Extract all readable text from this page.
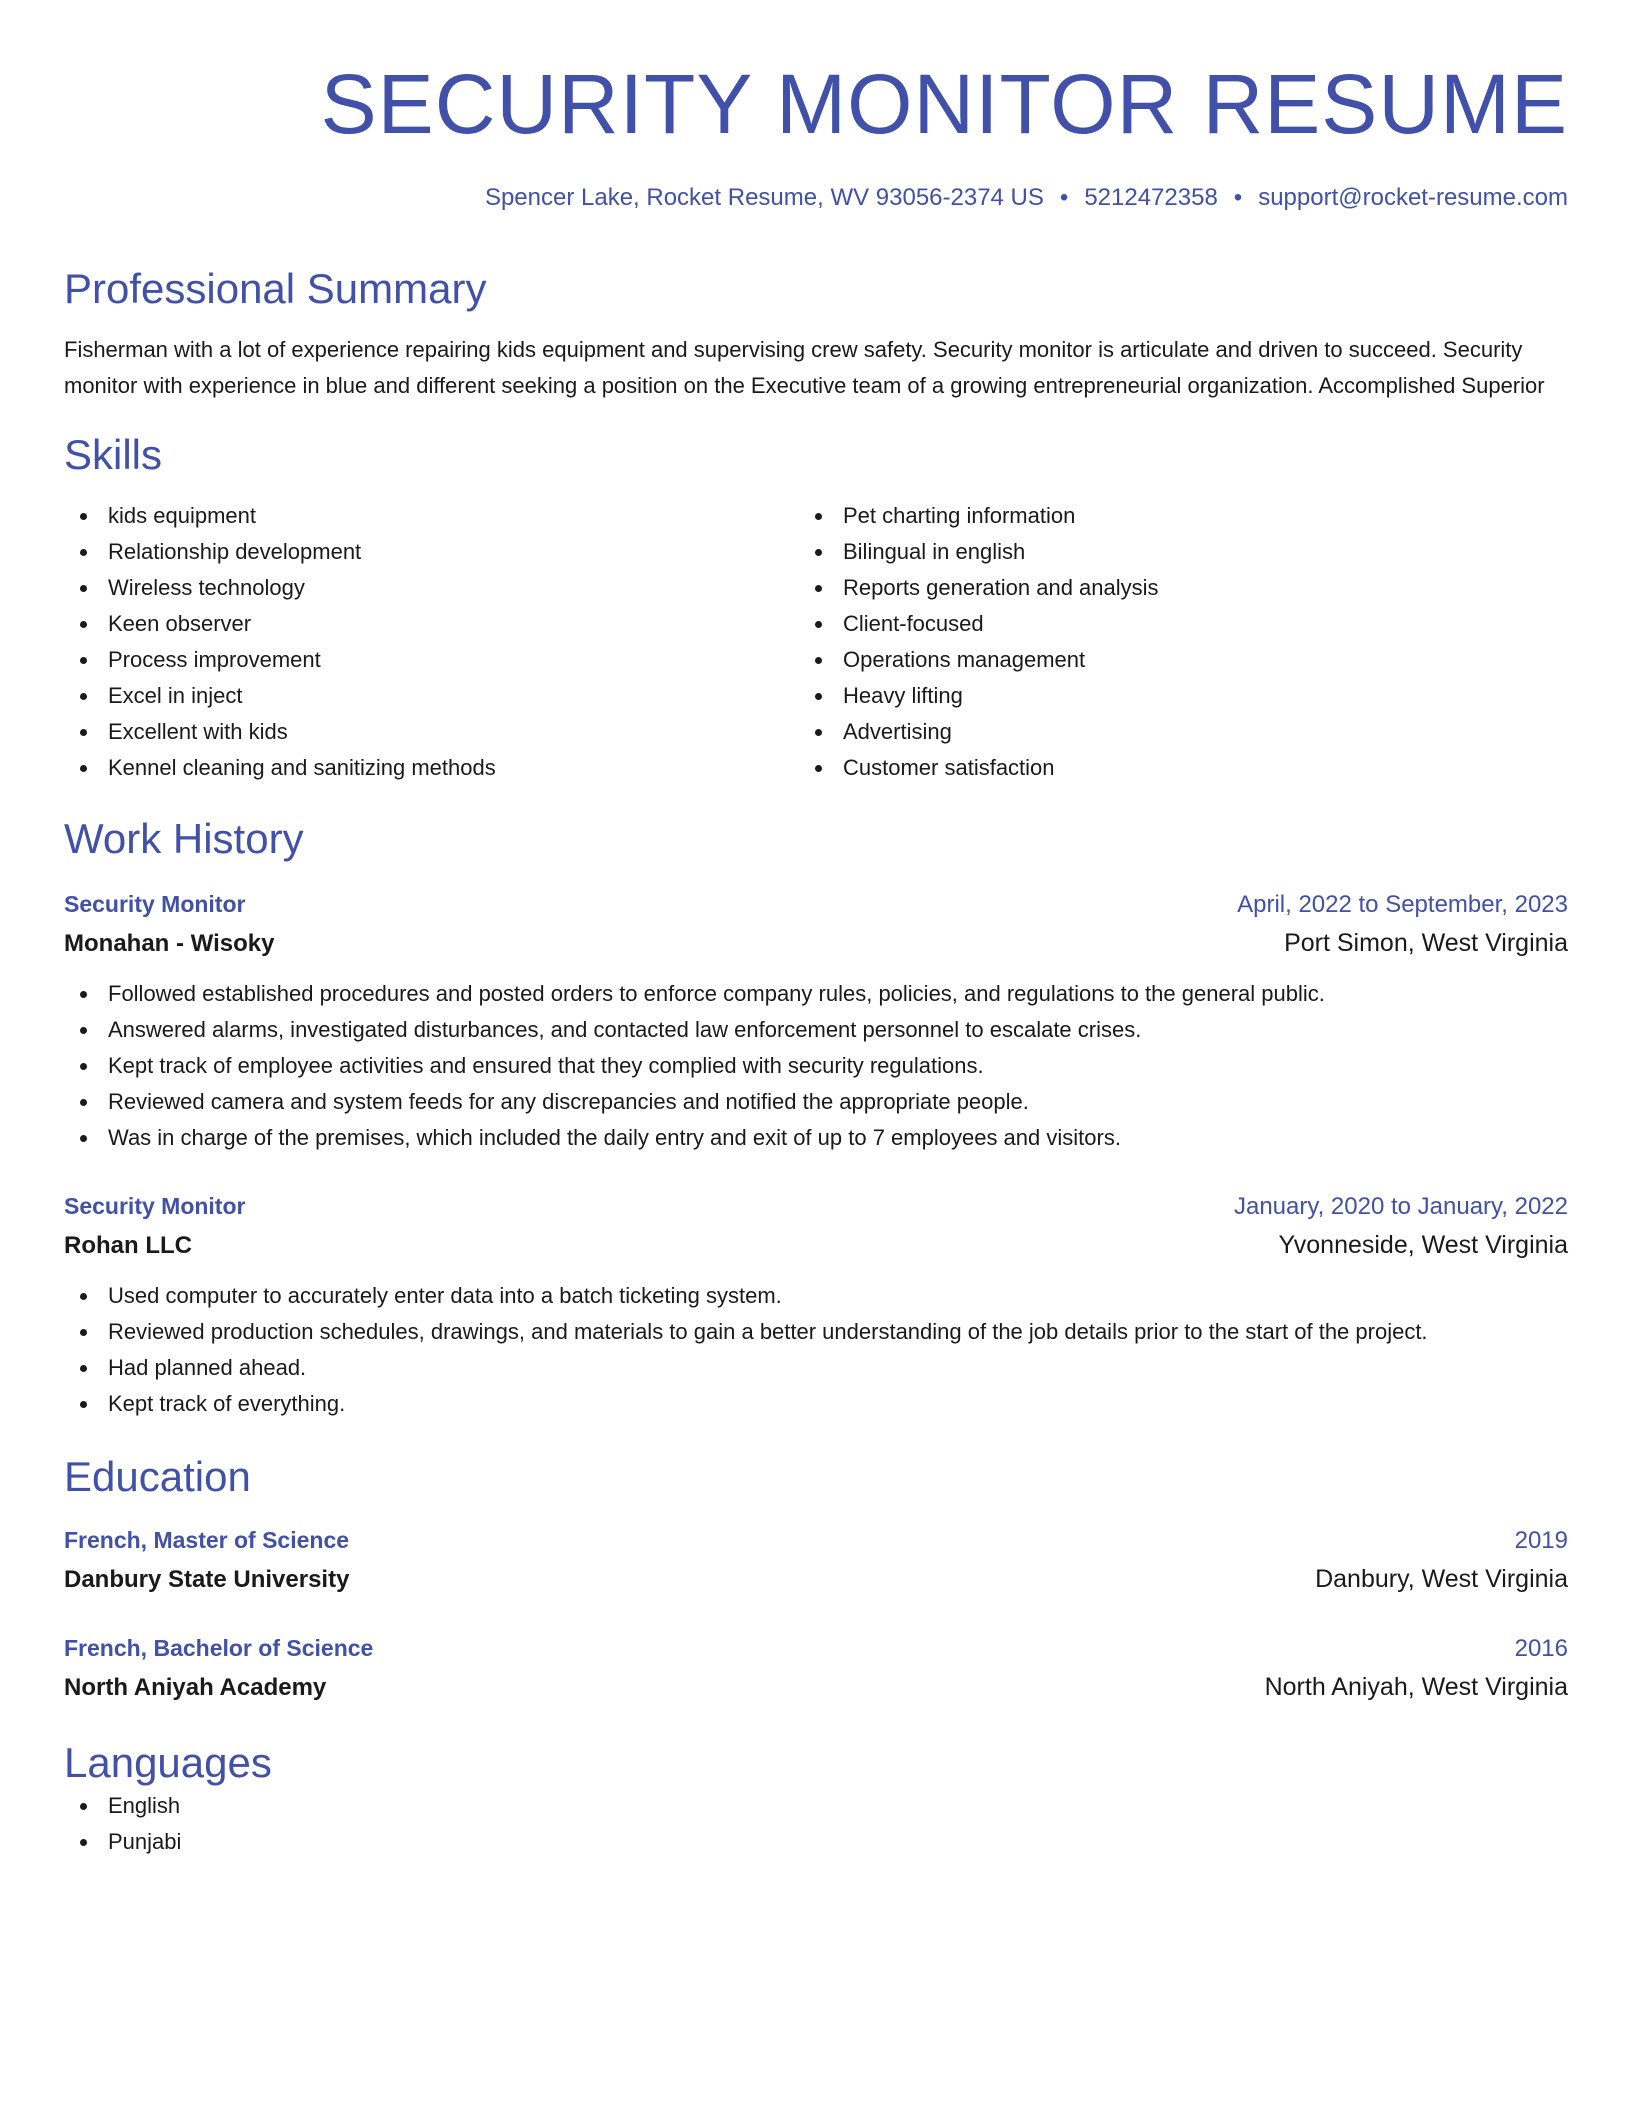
SECURITY MONITOR RESUME
Spencer Lake, Rocket Resume, WV 93056-2374 US • 5212472358 • support@rocket-resume.com
Professional Summary
Fisherman with a lot of experience repairing kids equipment and supervising crew safety. Security monitor is articulate and driven to succeed. Security monitor with experience in blue and different seeking a position on the Executive team of a growing entrepreneurial organization. Accomplished Superior
Skills
kids equipment
Relationship development
Wireless technology
Keen observer
Process improvement
Excel in inject
Excellent with kids
Kennel cleaning and sanitizing methods
Pet charting information
Bilingual in english
Reports generation and analysis
Client-focused
Operations management
Heavy lifting
Advertising
Customer satisfaction
Work History
Security Monitor	April, 2022 to September, 2023
Monahan - Wisoky	Port Simon, West Virginia
Followed established procedures and posted orders to enforce company rules, policies, and regulations to the general public.
Answered alarms, investigated disturbances, and contacted law enforcement personnel to escalate crises.
Kept track of employee activities and ensured that they complied with security regulations.
Reviewed camera and system feeds for any discrepancies and notified the appropriate people.
Was in charge of the premises, which included the daily entry and exit of up to 7 employees and visitors.
Security Monitor	January, 2020 to January, 2022
Rohan LLC	Yvonneside, West Virginia
Used computer to accurately enter data into a batch ticketing system.
Reviewed production schedules, drawings, and materials to gain a better understanding of the job details prior to the start of the project.
Had planned ahead.
Kept track of everything.
Education
French, Master of Science	2019
Danbury State University	Danbury, West Virginia
French, Bachelor of Science	2016
North Aniyah Academy	North Aniyah, West Virginia
Languages
English
Punjabi
